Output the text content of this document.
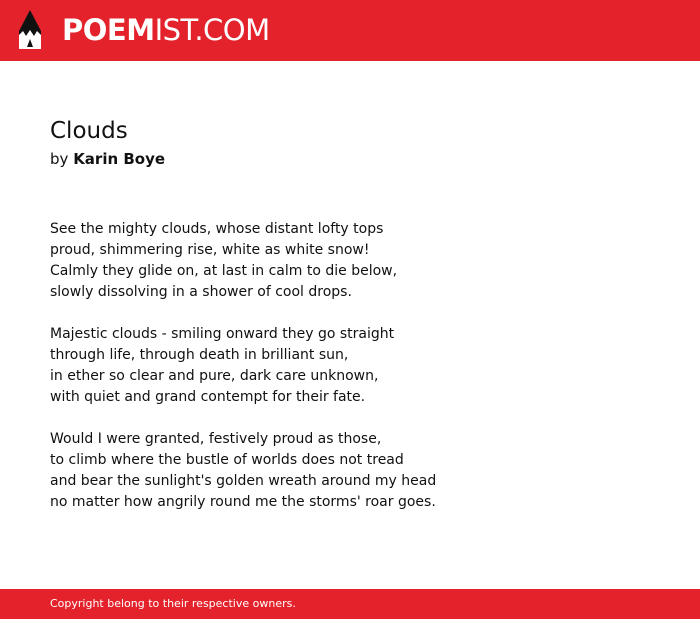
POEMIST.COM
Clouds
by Karin Boye
See the mighty clouds, whose distant lofty tops
proud, shimmering rise, white as white snow!
Calmly they glide on, at last in calm to die below,
slowly dissolving in a shower of cool drops.
Majestic clouds - smiling onward they go straight
through life, through death in brilliant sun,
in ether so clear and pure, dark care unknown,
with quiet and grand contempt for their fate.
Would I were granted, festively proud as those,
to climb where the bustle of worlds does not tread
and bear the sunlight's golden wreath around my head
no matter how angrily round me the storms' roar goes.
Copyright belong to their respective owners.
